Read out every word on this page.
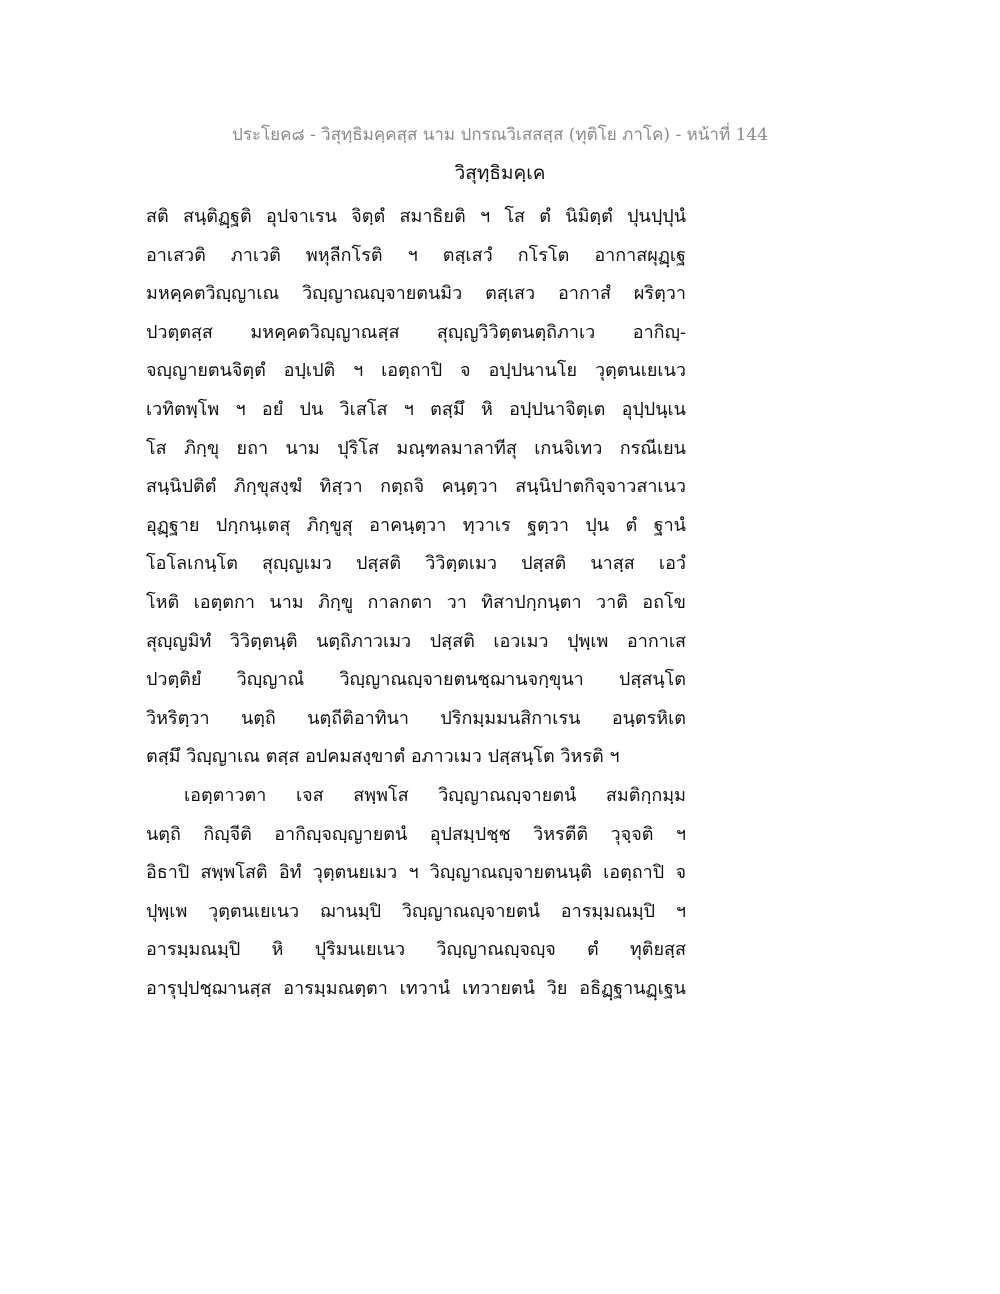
ประโยค๘ - วิสุทฺธิมคฺคสฺส นาม ปกรณวิเสสสฺส (ทุติโย ภาโค) - หน้าที่ 144
วิสุทฺธิมคฺเค
สติ สนฺติฏฺฐติ อุปจาเรน จิตฺตํ สมาธิยติ ฯ โส ตํ นิมิตฺตํ ปุนปฺปุนํ
อาเสวติ ภาเวติ พหุลีกโรติ ฯ ตสฺเสวํ กโรโต อากาสผุฏฺเฐ
มหคฺคตวิญฺญาเณ วิญฺญาณญฺจายตนมิว ตสฺเสว อากาสํ ผริตฺวา
ปวตฺตสฺส มหคฺคตวิญฺญาณสฺส สุญฺญวิวิตฺตนตฺถิภาเว อากิญฺ-
จญฺญายตนจิตฺตํ อปฺเปติ ฯ เอตฺถาปิ จ อปฺปนานโย วุตฺตนเยเนว
เวทิตพฺโพ ฯ อยํ ปน วิเสโส ฯ ตสฺมึ หิ อปฺปนาจิตฺเต อุปฺปนฺเน
โส ภิกฺขุ ยถา นาม ปุริโส มณฺฑลมาลาทีสุ เกนจิเทว กรณีเยน
สนฺนิปติตํ ภิกฺขุสงฺฆํ ทิสฺวา กตฺถจิ คนฺตฺวา สนฺนิปาตกิจฺจาวสาเนว
อุฏฺฐาย ปกฺกนฺเตสุ ภิกฺขูสุ อาคนฺตฺวา ทฺวาเร ฐตฺวา ปุน ตํ ฐานํ
โอโลเกนฺโต สุญฺญเมว ปสฺสติ วิวิตฺตเมว ปสฺสติ นาสฺส เอวํ
โหติ เอตฺตกา นาม ภิกฺขู กาลกตา วา ทิสาปกฺกนฺตา วาติ อถโข
สุญฺญมิทํ วิวิตฺตนฺติ นตฺถิภาวเมว ปสฺสติ เอวเมว ปุพฺเพ อากาเส
ปวตฺติยํ วิญฺญาณํ วิญฺญาณญฺจายตนชฺฌานจกฺขุนา ปสฺสนฺโต
วิหริตฺวา นตฺถิ นตฺถีติอาทินา ปริกมฺมมนสิกาเรน อนฺตรหิเต
ตสฺมึ วิญฺญาเณ ตสฺส อปคมสงฺขาตํ อภาวเมว ปสฺสนฺโต วิหรติ ฯ
เอตฺตาวตา เจส สพฺพโส วิญฺญาณญฺจายตนํ สมติกฺกมฺม
นตฺถิ กิญฺจีติ อากิญฺจญฺญายตนํ อุปสมฺปชฺช วิหรตีติ วุจฺจติ ฯ
อิธาปิ สพฺพโสติ อิทํ วุตฺตนยเมว ฯ วิญฺญาณญฺจายตนนฺติ เอตฺถาปิ จ
ปุพฺเพ วุตฺตนเยเนว ฌานมฺปิ วิญฺญาณญฺจายตนํ อารมฺมณมฺปิ ฯ
อารมฺมณมฺปิ หิ ปุริมนเยเนว วิญฺญาณญฺจญฺจ ตํ ทุติยสฺส
อารุปฺปชฺฌานสฺส อารมฺมณตฺตา เทวานํ เทวายตนํ วิย อธิฏฺฐานฏฺเฐน
